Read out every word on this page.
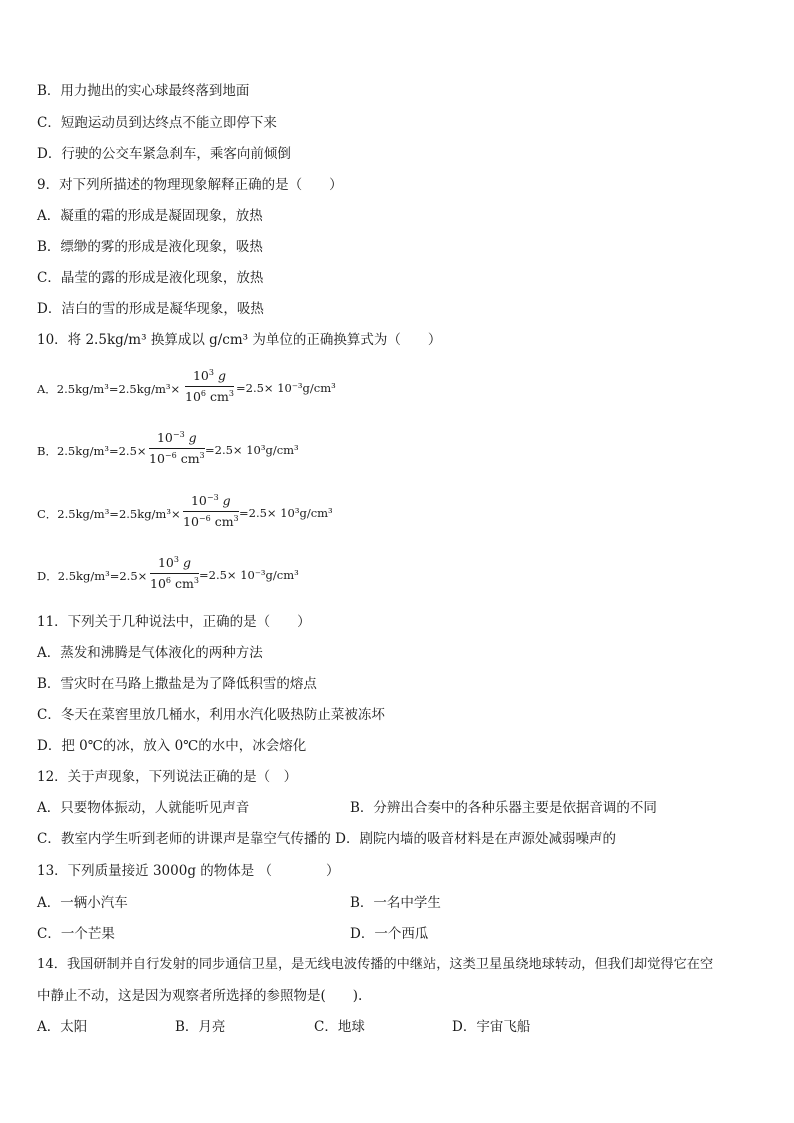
B．用力抛出的实心球最终落到地面
C．短跑运动员到达终点不能立即停下来
D．行驶的公交车紧急刹车，乘客向前倾倒
9．对下列所描述的物理现象解释正确的是（　　）
A．凝重的霜的形成是凝固现象，放热
B．缥缈的雾的形成是液化现象，吸热
C．晶莹的露的形成是液化现象，放热
D．洁白的雪的形成是凝华现象，吸热
10．将 2.5kg/m³ 换算成以 g/cm³ 为单位的正确换算式为（　　）
A．$2.5kg/m^3=2.5kg/m^3\times \frac{10^3 g}{10^6 cm^3} =2.5\times 10^{-3}g/cm^3$
B．$2.5kg/m^3=2.5\times \frac{10^{-3} g}{10^{-6} cm^3} =2.5\times 10^3g/cm^3$
C．$2.5kg/m^3=2.5kg/m^3\times \frac{10^{-3} g}{10^{-6} cm^3} =2.5\times 10^3g/cm^3$
D．$2.5kg/m^3=2.5\times \frac{10^3 g}{10^6 cm^3} =2.5\times 10^{-3}g/cm^3$
11．下列关于几种说法中，正确的是（　　）
A．蒸发和沸腾是气体液化的两种方法
B．雪灾时在马路上撒盐是为了降低积雪的熔点
C．冬天在菜窖里放几桶水，利用水汽化吸热防止菜被冻坏
D．把 0℃的冰，放入 0℃的水中，冰会熔化
12．关于声现象，下列说法正确的是（　）
A．只要物体振动，人就能听见声音	B．分辨出合奏中的各种乐器主要是依据音调的不同
C．教室内学生听到老师的讲课声是靠空气传播的 D．剧院内墙的吸音材料是在声源处减弱噪声的
13．下列质量接近 3000g 的物体是 （　　　　）
A．一辆小汽车	B．一名中学生
C．一个芒果	D．一个西瓜
14．我国研制并自行发射的同步通信卫星，是无线电波传播的中继站，这类卫星虽绕地球转动，但我们却觉得它在空
中静止不动，这是因为观察者所选择的参照物是(　　).
A．太阳	B．月亮	C．地球	D．宇宙飞船
